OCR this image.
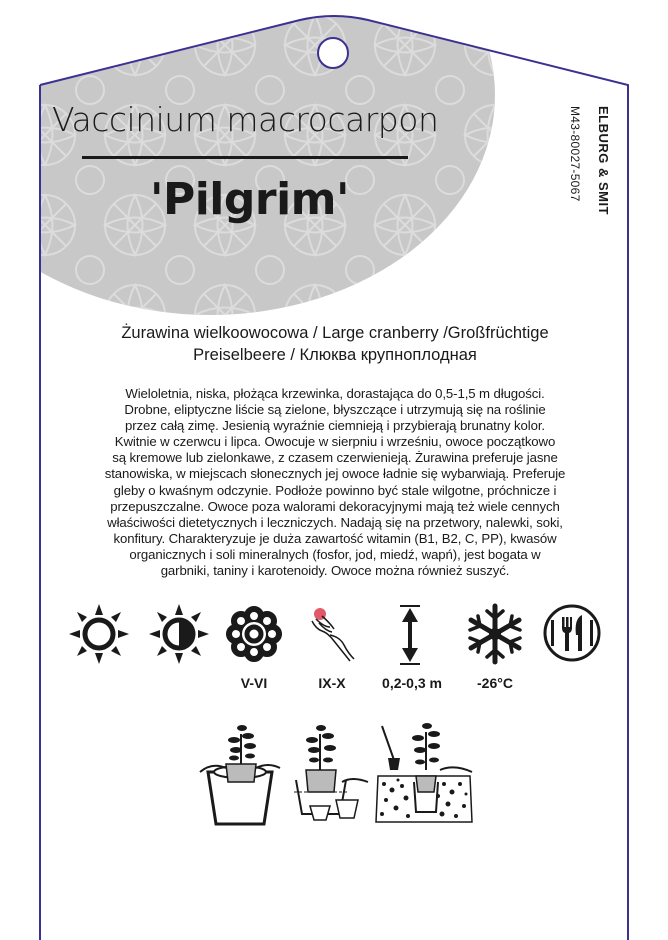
Vaccinium macrocarpon
'Pilgrim'	ELBURG & SMIT
M43-80027-5067
Żurawina wielkoowocowa / Large cranberry /Großfrüchtige
Preiselbeere / Клюква крупноплодная
Wieloletnia, niska, płożąca krzewinka, dorastająca do 0,5-1,5 m długości.
Drobne, eliptyczne liście są zielone, błyszczące i utrzymują się na roślinie
przez całą zimę. Jesienią wyraźnie ciemnieją i przybierają brunatny kolor.
Kwitnie w czerwcu i lipca. Owocuje w sierpniu i wrześniu, owoce początkowo
są kremowe lub zielonkawe, z czasem czerwienieją. Żurawina preferuje jasne
stanowiska, w miejscach słonecznych jej owoce ładnie się wybarwiają. Preferuje
gleby o kwaśnym odczynie. Podłoże powinno być stale wilgotne, próchnicze i
przepuszczalne. Owoce poza walorami dekoracyjnymi mają też wiele cennych
właściwości dietetycznych i leczniczych. Nadają się na przetwory, nalewki, soki,
konfitury. Charakteryzuje je duża zawartość witamin (B1, B2, C, PP), kwasów
organicznych i soli mineralnych (fosfor, jod, miedź, wapń), jest bogata w
garbniki, taniny i karotenoidy. Owoce można również suszyć.
V-VI	IX-X	0,2-0,3 m	-26°C
